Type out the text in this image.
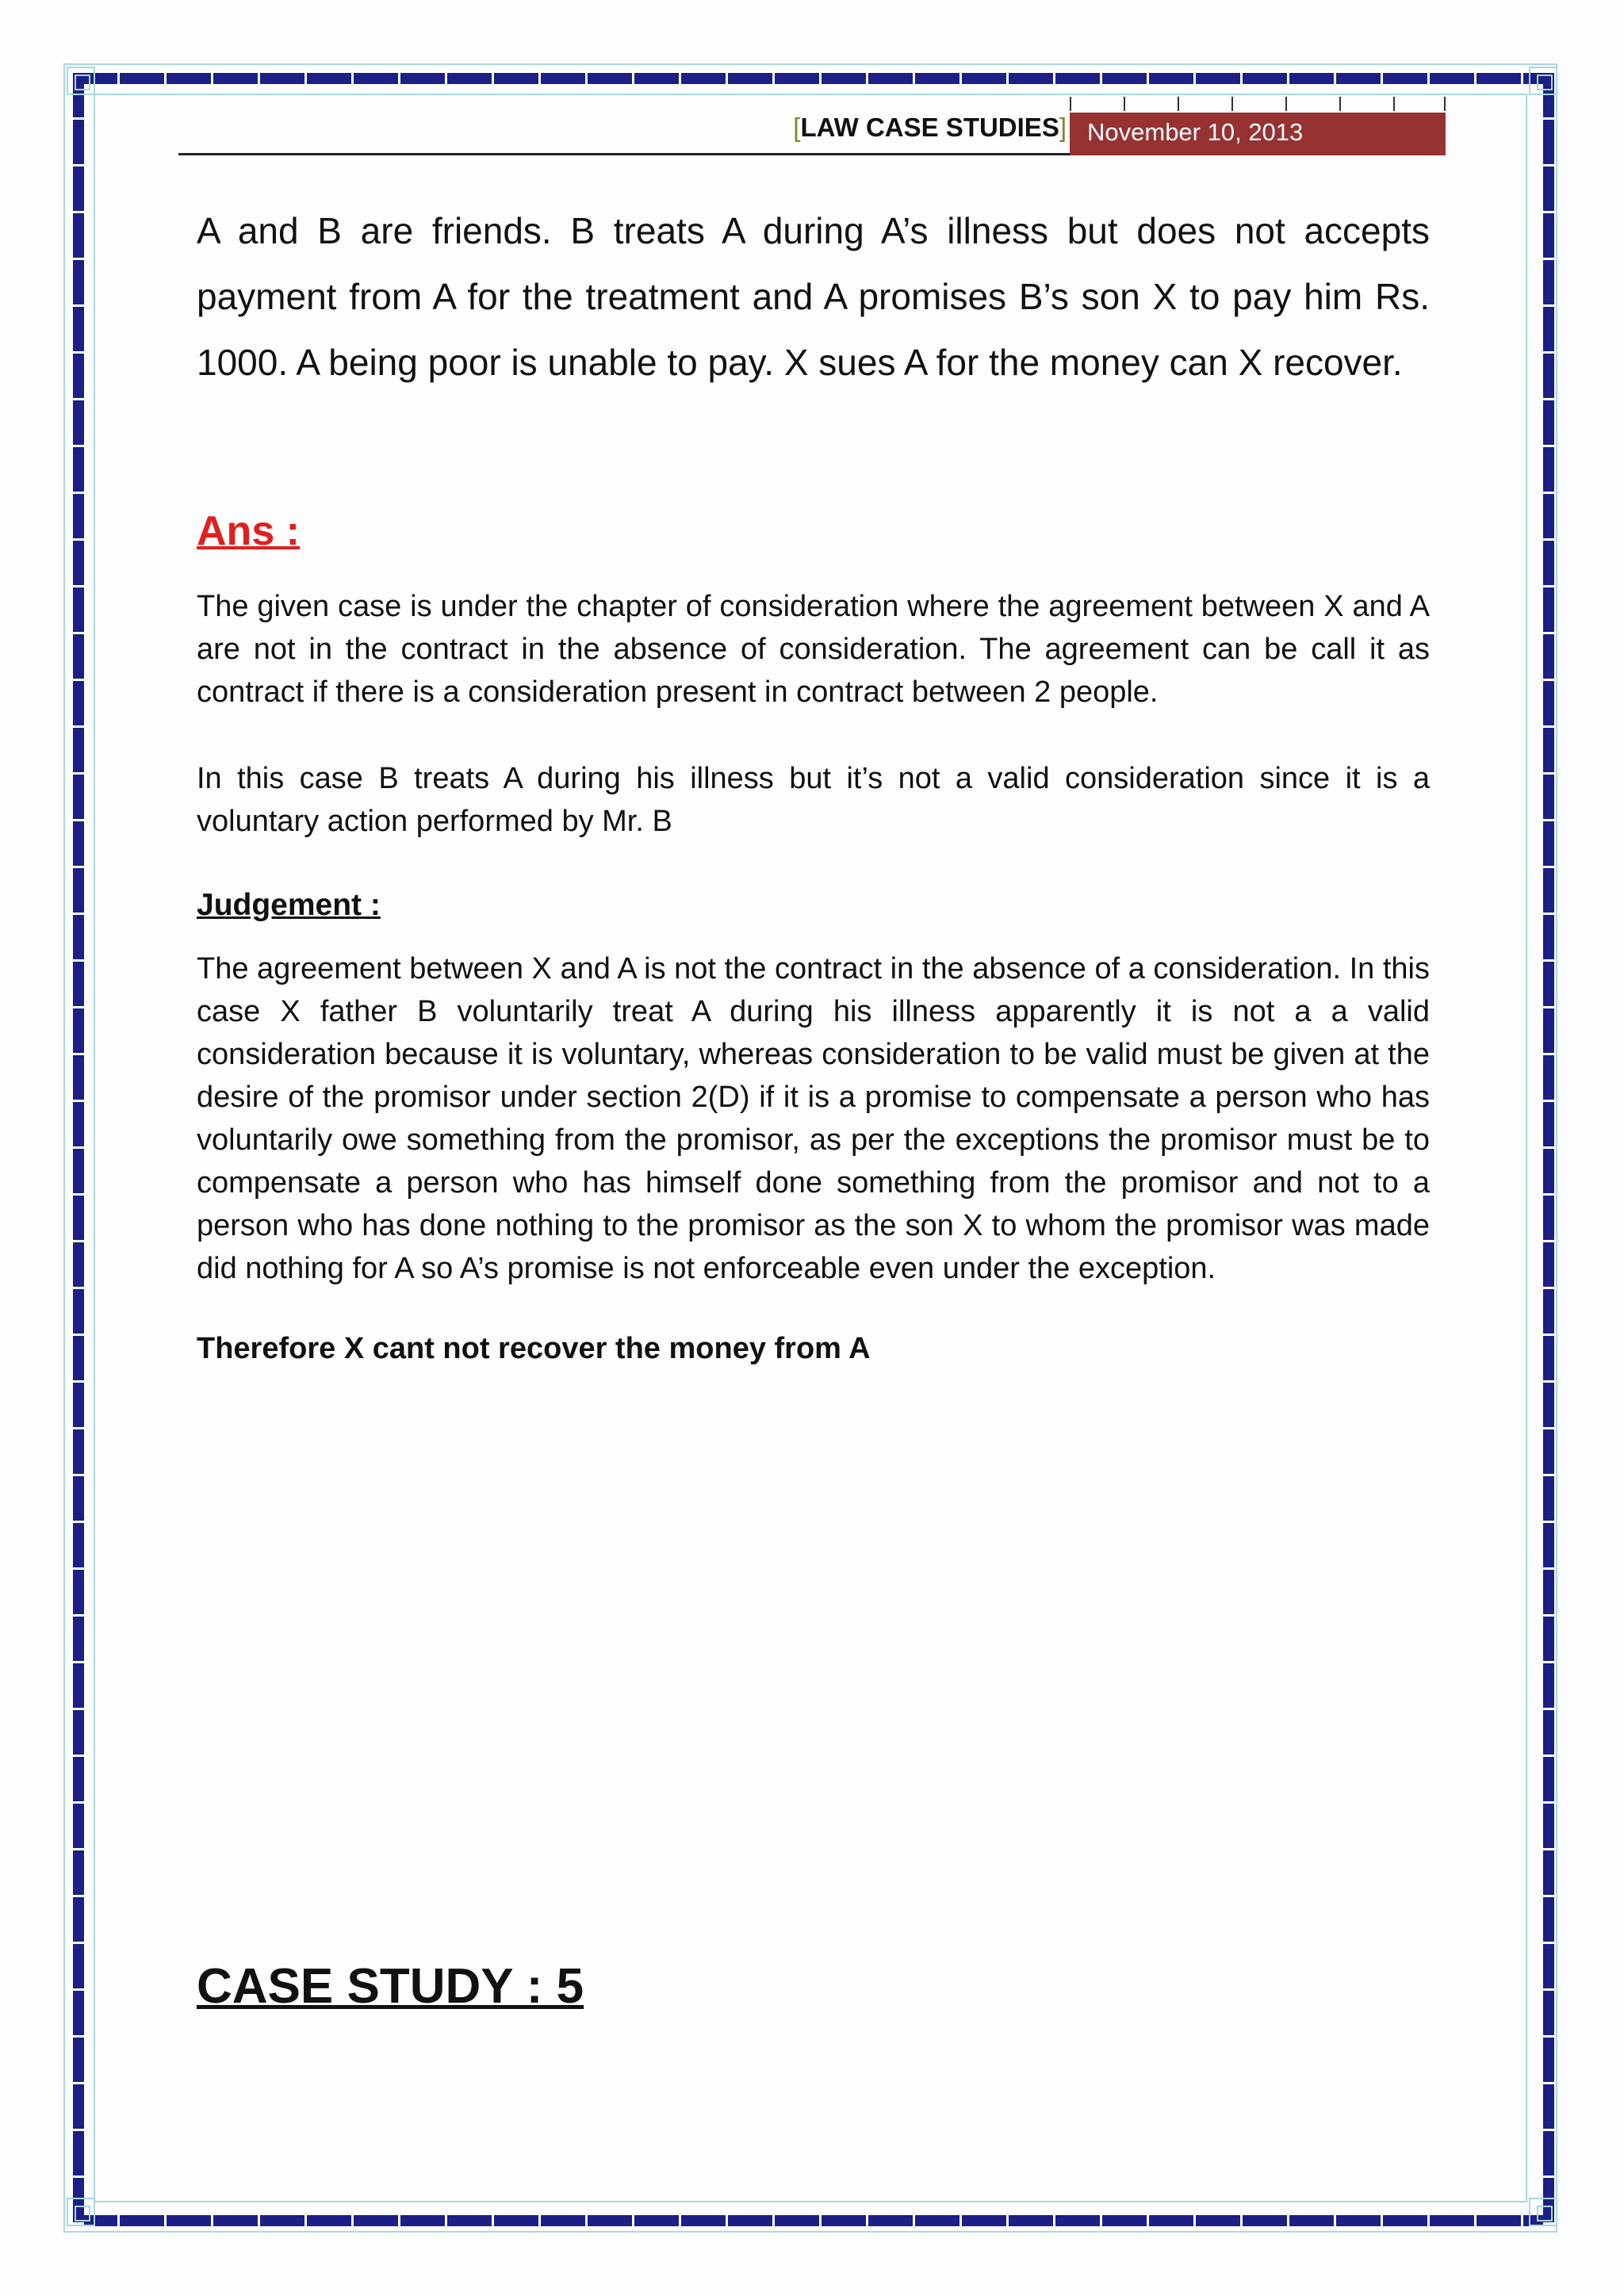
[LAW CASE STUDIES] November 10, 2013
A and B are friends. B treats A during A’s illness but does not accepts payment from A for the treatment and A promises B’s son X to pay him Rs. 1000. A being poor is unable to pay. X sues A for the money can X recover.
Ans :

The given case is under the chapter of consideration where the agreement between X and A are not in the contract in the absence of consideration. The agreement can be call it as contract if there is a consideration present in contract between 2 people.

In this case B treats A during his illness but it’s not a valid consideration since it is a voluntary action performed by Mr. B

Judgement :

The agreement between X and A is not the contract in the absence of a consideration. In this case X father B voluntarily treat A during his illness apparently it is not a a valid consideration because it is voluntary, whereas consideration to be valid must be given at the desire of the promisor under section 2(D) if it is a promise to compensate a person who has voluntarily owe something from the promisor, as per the exceptions the promisor must be to compensate a person who has himself done something from the promisor and not to a person who has done nothing to the promisor as the son X to whom the promisor was made did nothing for A so A’s promise is not enforceable even under the exception.

Therefore X cant not recover the money from A
CASE STUDY : 5
